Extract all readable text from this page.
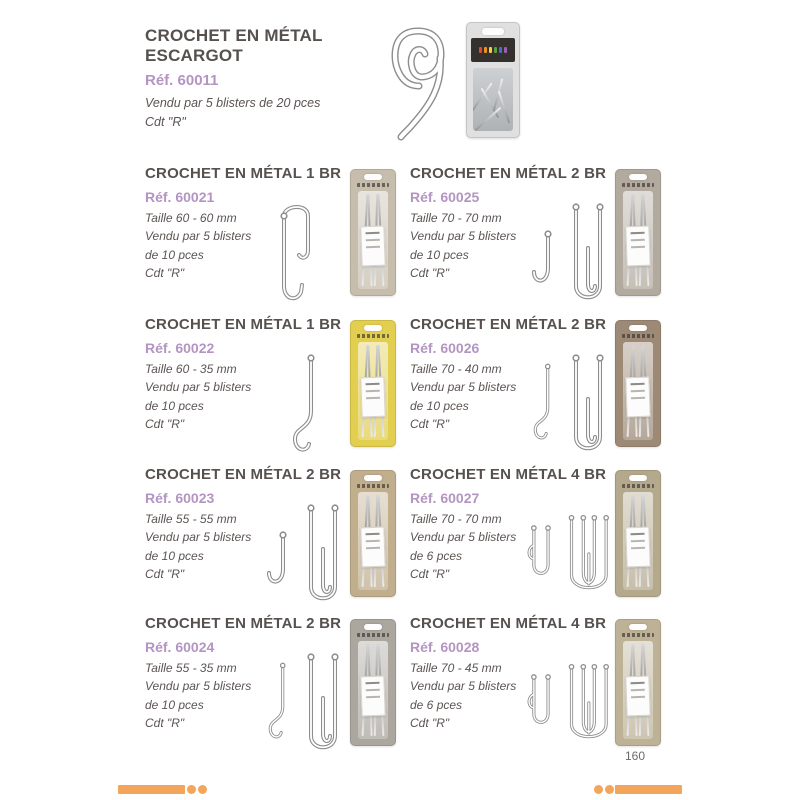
CROCHET EN MÉTAL ESCARGOT
Réf. 60011
Vendu par 5 blisters de 20 pces
Cdt "R"
CROCHET EN MÉTAL 1 BR
Réf. 60021
Taille 60 - 60 mm
Vendu par 5 blisters
de 10 pces
Cdt "R"
CROCHET EN MÉTAL 2 BR
Réf. 60025
Taille 70 - 70 mm
Vendu par 5 blisters
de 10 pces
Cdt "R"
CROCHET EN MÉTAL 1 BR
Réf. 60022
Taille 60 - 35 mm
Vendu par 5 blisters
de 10 pces
Cdt "R"
CROCHET EN MÉTAL 2 BR
Réf. 60026
Taille 70 - 40 mm
Vendu par 5 blisters
de 10 pces
Cdt "R"
CROCHET EN MÉTAL 2 BR
Réf. 60023
Taille 55 - 55 mm
Vendu par 5 blisters
de 10 pces
Cdt "R"
CROCHET EN MÉTAL 4 BR
Réf. 60027
Taille 70 - 70 mm
Vendu par 5 blisters
de 6 pces
Cdt "R"
CROCHET EN MÉTAL 2 BR
Réf. 60024
Taille 55 - 35 mm
Vendu par 5 blisters
de 10 pces
Cdt "R"
CROCHET EN MÉTAL 4 BR
Réf. 60028
Taille 70 - 45 mm
Vendu par 5 blisters
de 6 pces
Cdt "R"
160
